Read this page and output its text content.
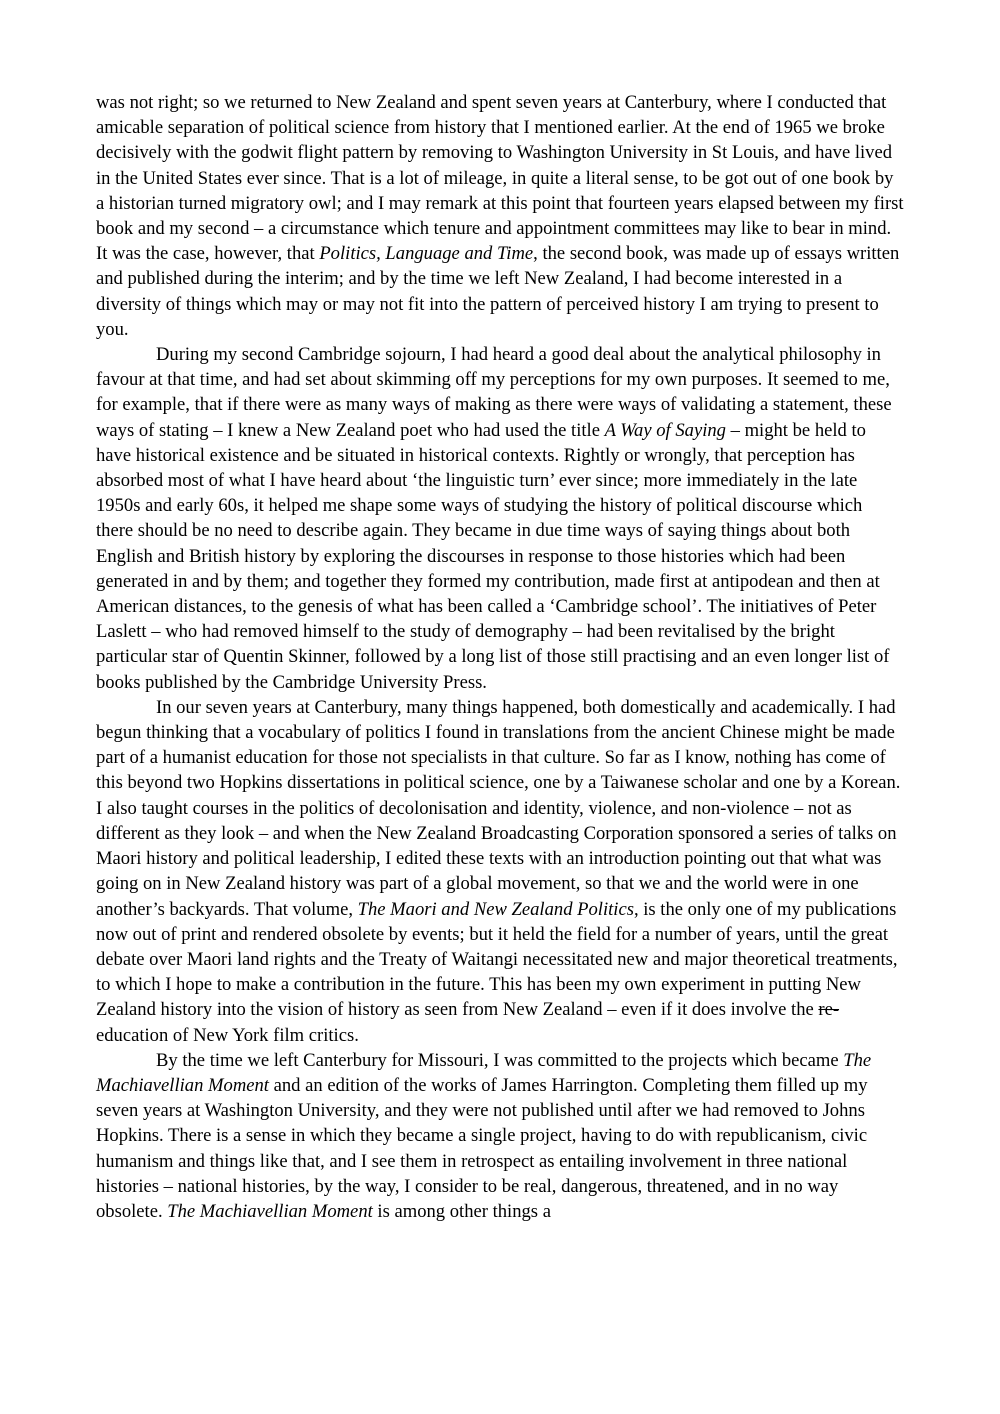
was not right; so we returned to New Zealand and spent seven years at Canterbury, where I conducted that amicable separation of political science from history that I mentioned earlier. At the end of 1965 we broke decisively with the godwit flight pattern by removing to Washington University in St Louis, and have lived in the United States ever since. That is a lot of mileage, in quite a literal sense, to be got out of one book by a historian turned migratory owl; and I may remark at this point that fourteen years elapsed between my first book and my second – a circumstance which tenure and appointment committees may like to bear in mind. It was the case, however, that Politics, Language and Time, the second book, was made up of essays written and published during the interim; and by the time we left New Zealand, I had become interested in a diversity of things which may or may not fit into the pattern of perceived history I am trying to present to you.

During my second Cambridge sojourn, I had heard a good deal about the analytical philosophy in favour at that time, and had set about skimming off my perceptions for my own purposes. It seemed to me, for example, that if there were as many ways of making as there were ways of validating a statement, these ways of stating – I knew a New Zealand poet who had used the title A Way of Saying – might be held to have historical existence and be situated in historical contexts. Rightly or wrongly, that perception has absorbed most of what I have heard about ‘the linguistic turn’ ever since; more immediately in the late 1950s and early 60s, it helped me shape some ways of studying the history of political discourse which there should be no need to describe again. They became in due time ways of saying things about both English and British history by exploring the discourses in response to those histories which had been generated in and by them; and together they formed my contribution, made first at antipodean and then at American distances, to the genesis of what has been called a ‘Cambridge school’. The initiatives of Peter Laslett – who had removed himself to the study of demography – had been revitalised by the bright particular star of Quentin Skinner, followed by a long list of those still practising and an even longer list of books published by the Cambridge University Press.

In our seven years at Canterbury, many things happened, both domestically and academically. I had begun thinking that a vocabulary of politics I found in translations from the ancient Chinese might be made part of a humanist education for those not specialists in that culture. So far as I know, nothing has come of this beyond two Hopkins dissertations in political science, one by a Taiwanese scholar and one by a Korean. I also taught courses in the politics of decolonisation and identity, violence, and non-violence – not as different as they look – and when the New Zealand Broadcasting Corporation sponsored a series of talks on Maori history and political leadership, I edited these texts with an introduction pointing out that what was going on in New Zealand history was part of a global movement, so that we and the world were in one another’s backyards. That volume, The Maori and New Zealand Politics, is the only one of my publications now out of print and rendered obsolete by events; but it held the field for a number of years, until the great debate over Maori land rights and the Treaty of Waitangi necessitated new and major theoretical treatments, to which I hope to make a contribution in the future. This has been my own experiment in putting New Zealand history into the vision of history as seen from New Zealand – even if it does involve the re-education of New York film critics.

By the time we left Canterbury for Missouri, I was committed to the projects which became The Machiavellian Moment and an edition of the works of James Harrington. Completing them filled up my seven years at Washington University, and they were not published until after we had removed to Johns Hopkins. There is a sense in which they became a single project, having to do with republicanism, civic humanism and things like that, and I see them in retrospect as entailing involvement in three national histories – national histories, by the way, I consider to be real, dangerous, threatened, and in no way obsolete. The Machiavellian Moment is among other things a
